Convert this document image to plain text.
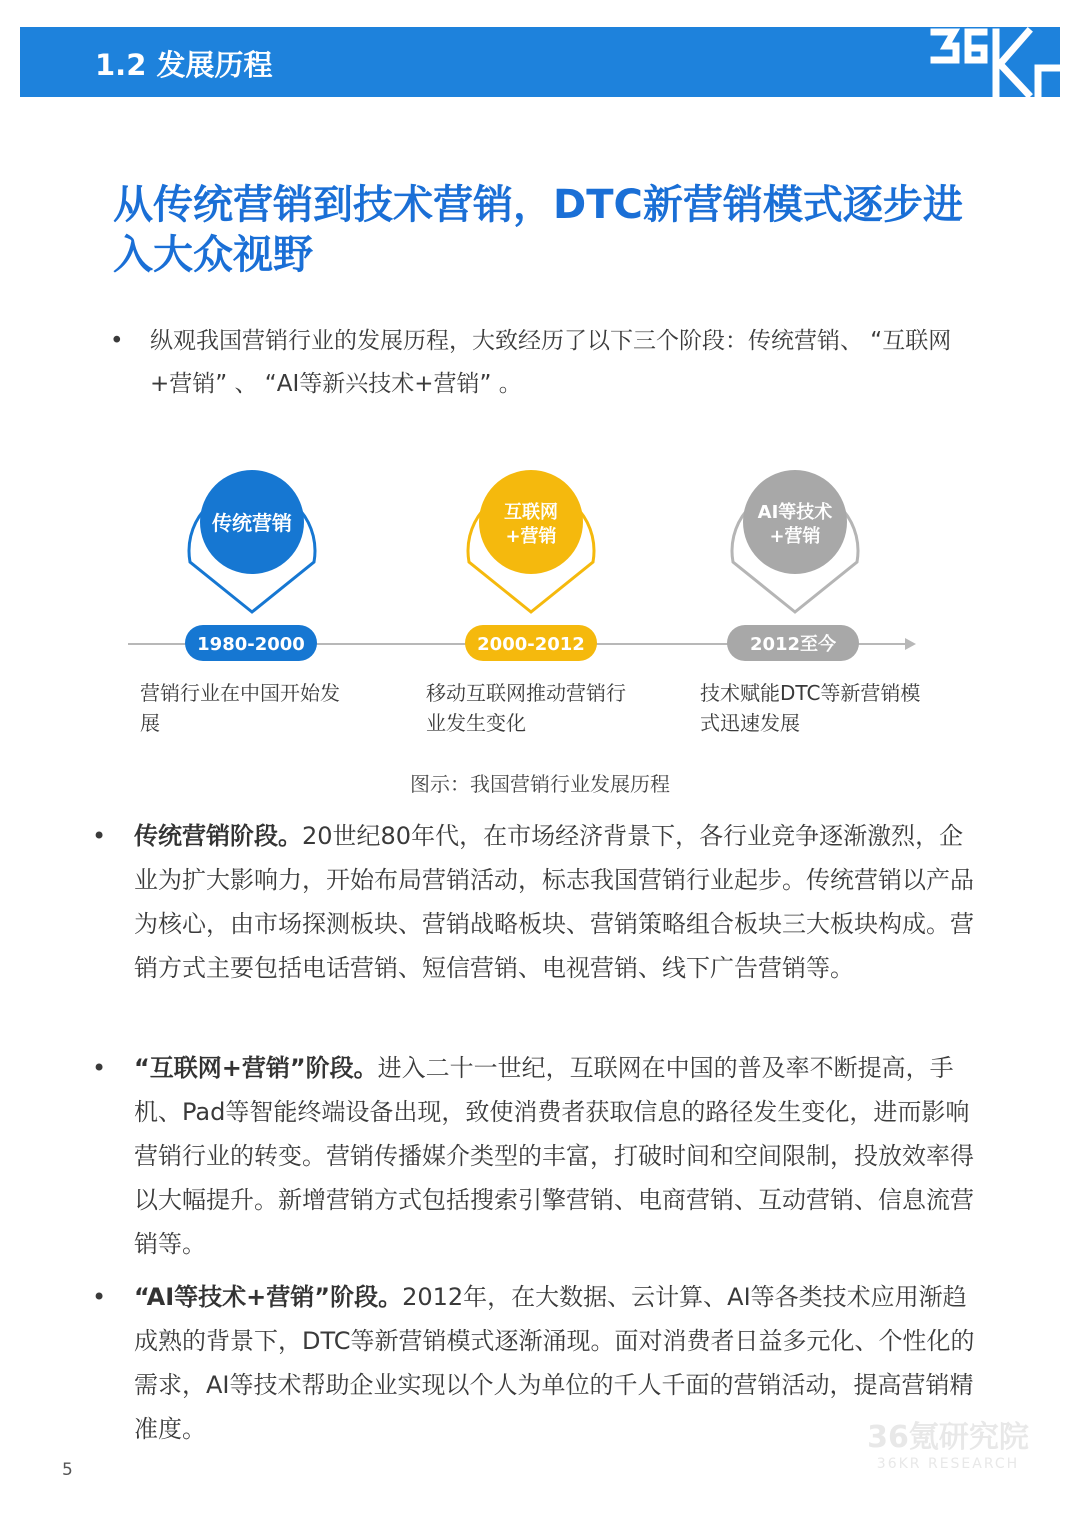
1.2 发展历程
从传统营销到技术营销，DTC新营销模式逐步进入大众视野
• 纵观我国营销行业的发展历程，大致经历了以下三个阶段：传统营销、 “互联网+营销” 、 “AI等新兴技术+营销” 。
传统营销
1980-2000
互联网
+营销
2000-2012
AI等技术
+营销
2012至今
营销行业在中国开始发展
移动互联网推动营销行业发生变化
技术赋能DTC等新营销模式迅速发展
图示：我国营销行业发展历程
• 传统营销阶段。20世纪80年代，在市场经济背景下，各行业竞争逐渐激烈，企业为扩大影响力，开始布局营销活动，标志我国营销行业起步。传统营销以产品为核心，由市场探测板块、营销战略板块、营销策略组合板块三大板块构成。营销方式主要包括电话营销、短信营销、电视营销、线下广告营销等。
• “互联网+营销”阶段。进入二十一世纪，互联网在中国的普及率不断提高，手机、Pad等智能终端设备出现，致使消费者获取信息的路径发生变化，进而影响营销行业的转变。营销传播媒介类型的丰富，打破时间和空间限制，投放效率得以大幅提升。新增营销方式包括搜索引擎营销、电商营销、互动营销、信息流营销等。
• “AI等技术+营销”阶段。2012年，在大数据、云计算、AI等各类技术应用渐趋成熟的背景下，DTC等新营销模式逐渐涌现。面对消费者日益多元化、个性化的需求，AI等技术帮助企业实现以个人为单位的千人千面的营销活动，提高营销精准度。	36氪研究院
36KR RESEARCH
5
